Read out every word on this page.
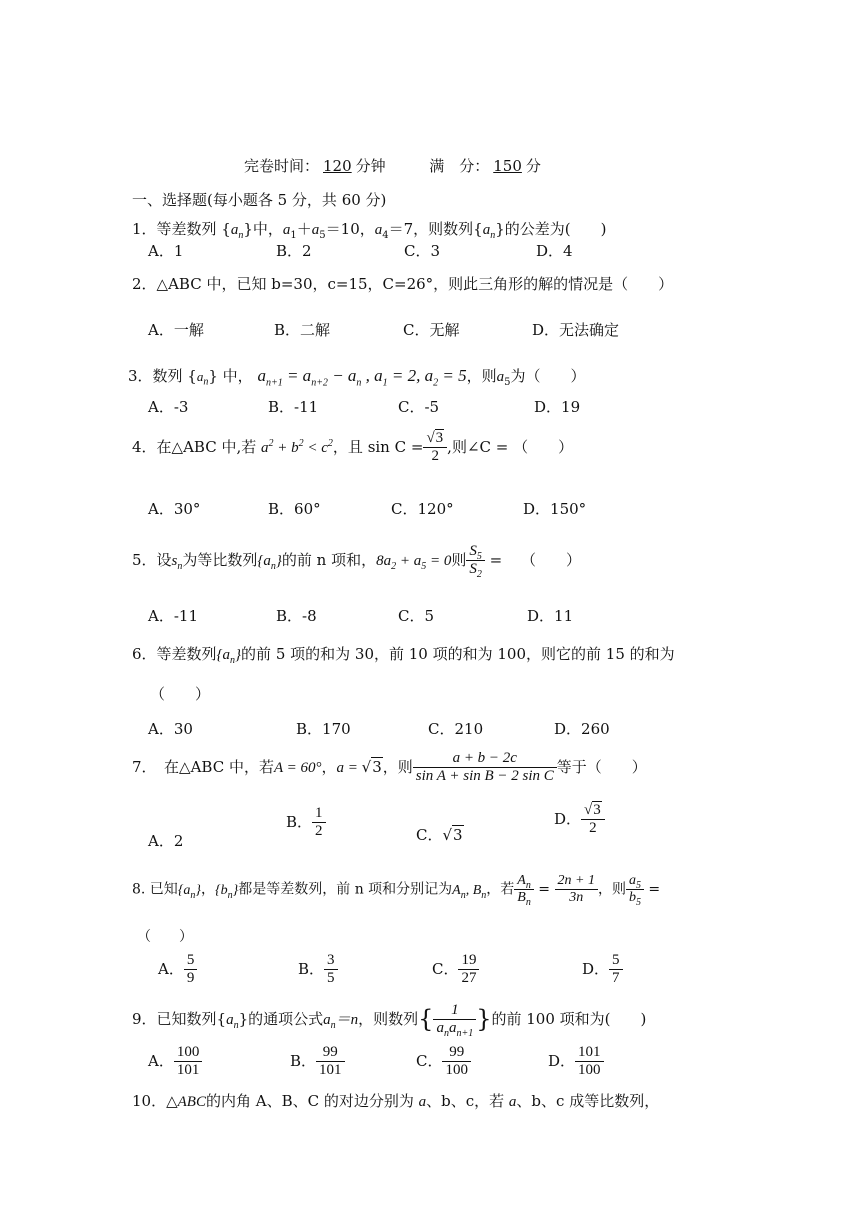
完卷时间： 120 分钟	满　分： 150 分
一、选择题(每小题各 5 分，共 60 分)
1．等差数列 $\{a_n\}$中，$a_1+a_5=10$，$a_4=7$，则数列$\{a_n\}$的公差为(　　)
A．1	B．2	C．3	D．4
2．△ABC 中，已知 b=30，c=15，C=26°，则此三角形的解的情况是（　　）
A．一解	B．二解	C．无解	D．无法确定
3．数列 $\{a_n\}$ 中， $a_{n+1} = a_{n+2} - a_n$ , $a_1 = 2$, $a_2 = 5$，则$a_5$为（　　）
A．-3	B．-11	C．-5	D．19
4．在△ABC 中,若 $a^2 + b^2 < c^2$，且 $\sin C = \frac{√3}{2}$ ,则∠C = （　　）
A．30°	B．60°	C．120°	D．150°
5．设$s_n$为等比数列$\{a_n\}$的前 n 项和，$8a_2 + a_5 = 0$则 $\frac{S_5}{S_2}$ = （　　）
A．-11	B．-8	C．5	D．11
6．等差数列$\{a_n\}$的前 5 项的和为 30，前 10 项的和为 100，则它的前 15 的和为
（　　）
A．30	B．170	C．210	D．260
7．　在△ABC 中，若A = 60°，a = √3，则 $\frac{a + b - 2c}{\text{sin A + sin B − 2 sin C}}$ 等于（　　）
A．2
B． $\frac{1}{2}$	C．√3
D． $\frac{√3}{2}$
8. 已知$\{a_n\}$，$\{b_n\}$都是等差数列，前 n 项和分别记为$A_n$, $B_n$，若 $\frac{A_n}{B_n} = \frac{2n + 1}{3n}$ ，则 $\frac{a_5}{b_5}$ =
（　　）
A． $\frac{5}{9}$	B． $\frac{3}{5}$	C． $\frac{19}{27}$	D． $\frac{5}{7}$
9．已知数列$\{a_n\}$的通项公式$a_n=n$，则数列{ $\frac{1}{a_na_{n+1}}$ }的前 100 项和为(　　)
A． $\frac{100}{101}$	B． $\frac{99}{101}$	C． $\frac{99}{100}$	D． $\frac{101}{100}$
10．△ABC的内角 A、B、C 的对边分别为 a、b、c，若 a、b、c 成等比数列，
